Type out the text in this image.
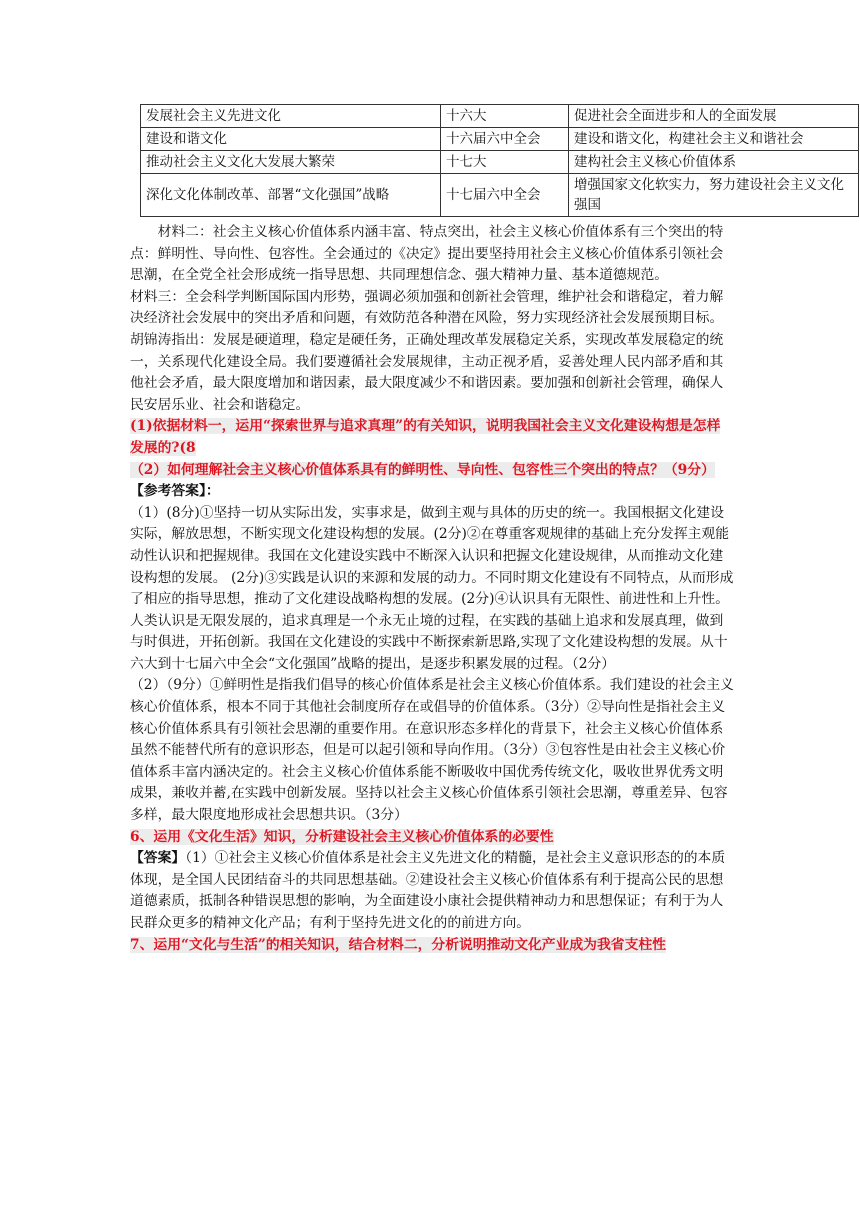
发展社会主义先进文化	十六大	促进社会全面进步和人的全面发展
建设和谐文化	十六届六中全会	建设和谐文化，构建社会主义和谐社会
推动社会主义文化大发展大繁荣	十七大	建构社会主义核心价值体系
深化文化体制改革、部署“文化强国”战略	十七届六中全会	增强国家文化软实力，努力建设社会主义文化强国

材料二：社会主义核心价值体系内涵丰富、特点突出，社会主义核心价值体系有三个突出的特点：鲜明性、导向性、包容性。全会通过的《决定》提出要坚持用社会主义核心价值体系引领社会思潮，在全党全社会形成统一指导思想、共同理想信念、强大精神力量、基本道德规范。

材料三：全会科学判断国际国内形势，强调必须加强和创新社会管理，维护社会和谐稳定，着力解决经济社会发展中的突出矛盾和问题，有效防范各种潜在风险，努力实现经济社会发展预期目标。

胡锦涛指出：发展是硬道理，稳定是硬任务，正确处理改革发展稳定关系，实现改革发展稳定的统一，关系现代化建设全局。我们要遵循社会发展规律，主动正视矛盾，妥善处理人民内部矛盾和其他社会矛盾，最大限度增加和谐因素，最大限度减少不和谐因素。要加强和创新社会管理，确保人民安居乐业、社会和谐稳定。

(1)依据材料一，运用“探索世界与追求真理”的有关知识，说明我国社会主义文化建设构想是怎样发展的?(8

（2）如何理解社会主义核心价值体系具有的鲜明性、导向性、包容性三个突出的特点？（9分）

【参考答案】：

（1）(8分)①坚持一切从实际出发，实事求是，做到主观与具体的历史的统一。我国根据文化建设实际，解放思想，不断实现文化建设构想的发展。(2分)②在尊重客观规律的基础上充分发挥主观能动性认识和把握规律。我国在文化建设实践中不断深入认识和把握文化建设规律，从而推动文化建设构想的发展。 (2分)③实践是认识的来源和发展的动力。不同时期文化建设有不同特点，从而形成了相应的指导思想，推动了文化建设战略构想的发展。(2分)④认识具有无限性、前进性和上升性。人类认识是无限发展的，追求真理是一个永无止境的过程，在实践的基础上追求和发展真理，做到与时俱进，开拓创新。我国在文化建设的实践中不断探索新思路,实现了文化建设构想的发展。从十六大到十七届六中全会“文化强国”战略的提出，是逐步积累发展的过程。（2分）

（2）（9分）①鲜明性是指我们倡导的核心价值体系是社会主义核心价值体系。我们建设的社会主义核心价值体系，根本不同于其他社会制度所存在或倡导的价值体系。（3分）②导向性是指社会主义核心价值体系具有引领社会思潮的重要作用。在意识形态多样化的背景下，社会主义核心价值体系虽然不能替代所有的意识形态，但是可以起引领和导向作用。（3分）③包容性是由社会主义核心价值体系丰富内涵决定的。社会主义核心价值体系能不断吸收中国优秀传统文化，吸收世界优秀文明成果，兼收并蓄,在实践中创新发展。坚持以社会主义核心价值体系引领社会思潮，尊重差异、包容多样，最大限度地形成社会思想共识。（3分）

6、运用《文化生活》知识，分析建设社会主义核心价值体系的必要性

【答案】（1）①社会主义核心价值体系是社会主义先进文化的精髓，是社会主义意识形态的的本质体现，是全国人民团结奋斗的共同思想基础。②建设社会主义核心价值体系有利于提高公民的思想道德素质，抵制各种错误思想的影响，为全面建设小康社会提供精神动力和思想保证；有利于为人民群众更多的精神文化产品；有利于坚持先进文化的的前进方向。

7、运用“文化与生活”的相关知识，结合材料二，分析说明推动文化产业成为我省支柱性
